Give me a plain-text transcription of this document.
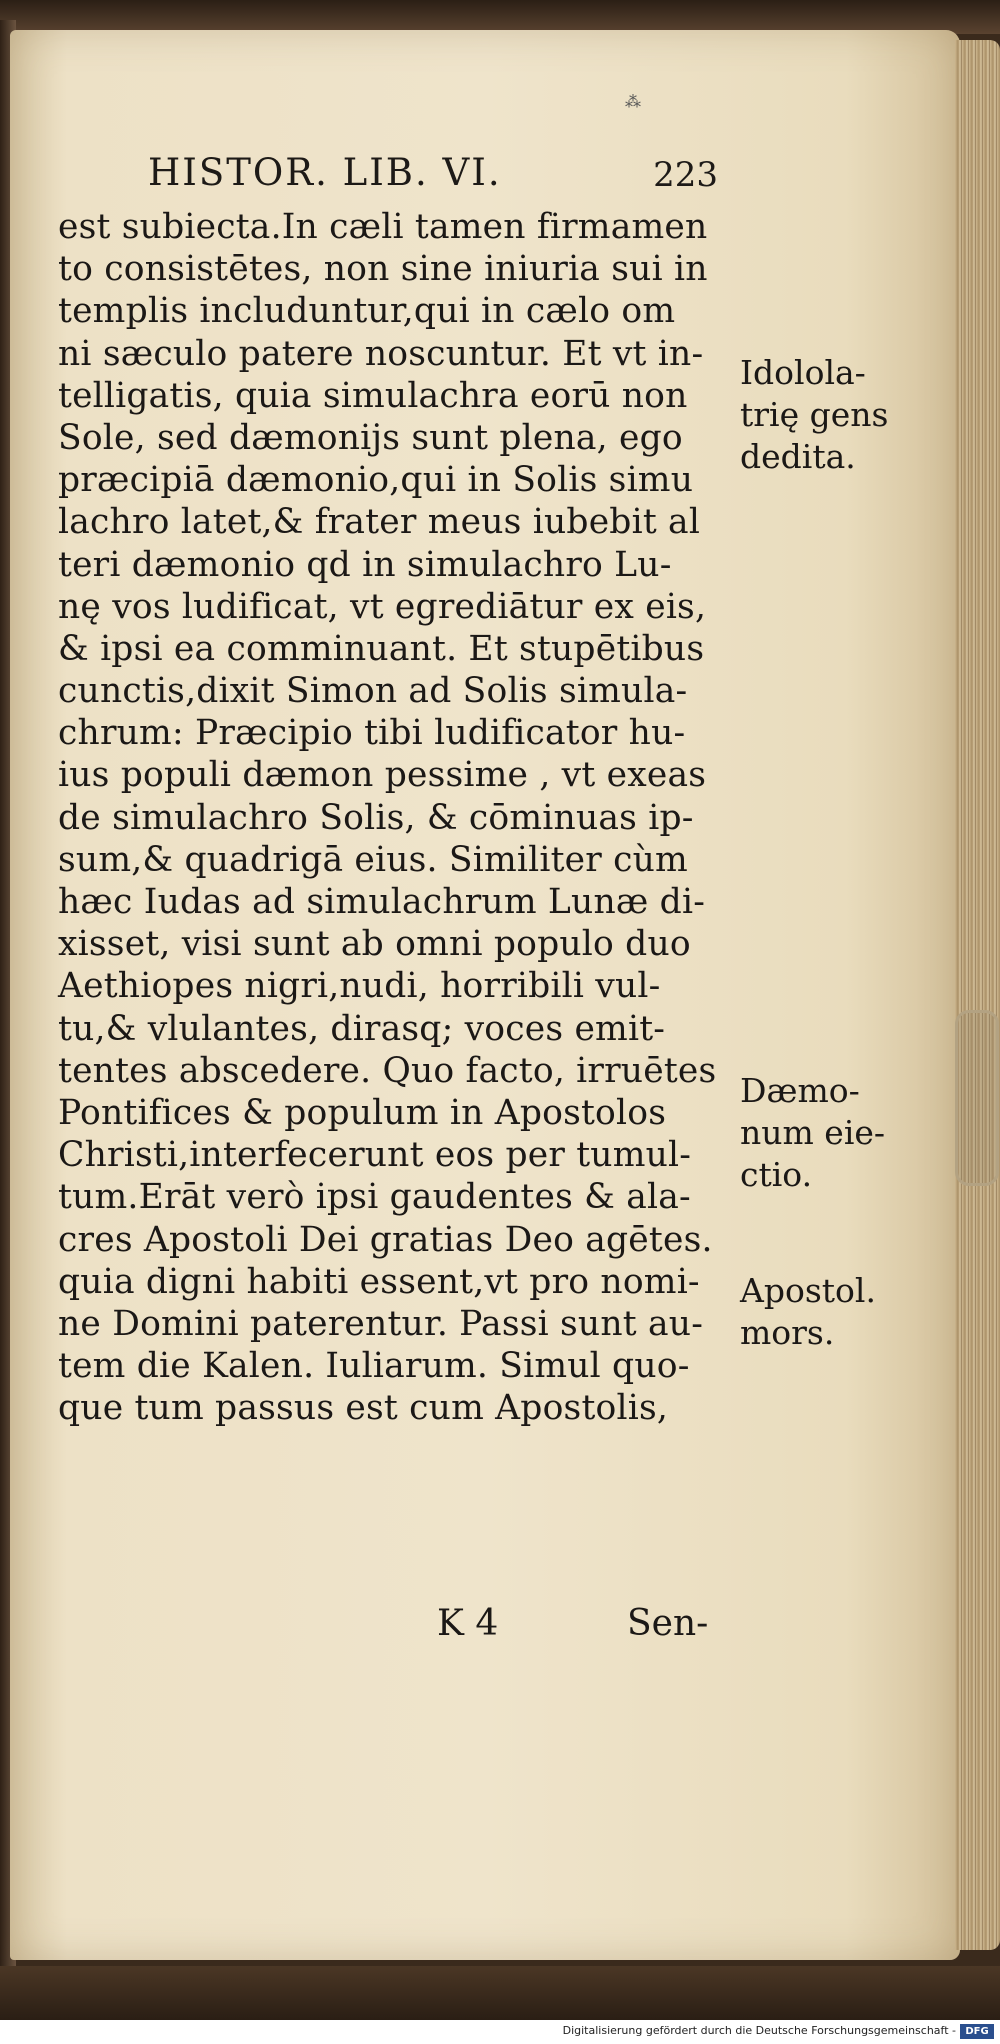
⁂
HISTOR. LIB. VI.	223
est subiecta.In cæli tamen firmamen
to consistētes, non sine iniuria sui in
templis includuntur,qui in cælo om
ni sæculo patere noscuntur. Et vt in-
telligatis, quia simulachra eorū non
Sole, sed dæmonijs sunt plena, ego
præcipiā dæmonio,qui in Solis simu
lachro latet,& frater meus iubebit al
teri dæmonio qd in simulachro Lu-
nę vos ludificat, vt egrediātur ex eis,
& ipsi ea comminuant. Et stupētibus
cunctis,dixit Simon ad Solis simula-
chrum: Præcipio tibi ludificator hu-
ius populi dæmon pessime , vt exeas
de simulachro Solis, & cōminuas ip-
sum,& quadrigā eius. Similiter cùm
hæc Iudas ad simulachrum Lunæ di-
xisset, visi sunt ab omni populo duo
Aethiopes nigri,nudi, horribili vul-
tu,& vlulantes, dirasq; voces emit-
tentes abscedere. Quo facto, irruētes
Pontifices & populum in Apostolos
Christi,interfecerunt eos per tumul-
tum.Erāt verò ipsi gaudentes & ala-
cres Apostoli Dei gratias Deo agētes.
quia digni habiti essent,vt pro nomi-
ne Domini paterentur. Passi sunt au-
tem die Kalen. Iuliarum. Simul quo-
que tum passus est cum Apostolis,
Idolola-
trię gens
dedita.
Dæmo-
num eie-
ctio.
Apostol.
mors.
K 4	Sen-
Digitalisierung gefördert durch die Deutsche Forschungsgemeinschaft - DFG
